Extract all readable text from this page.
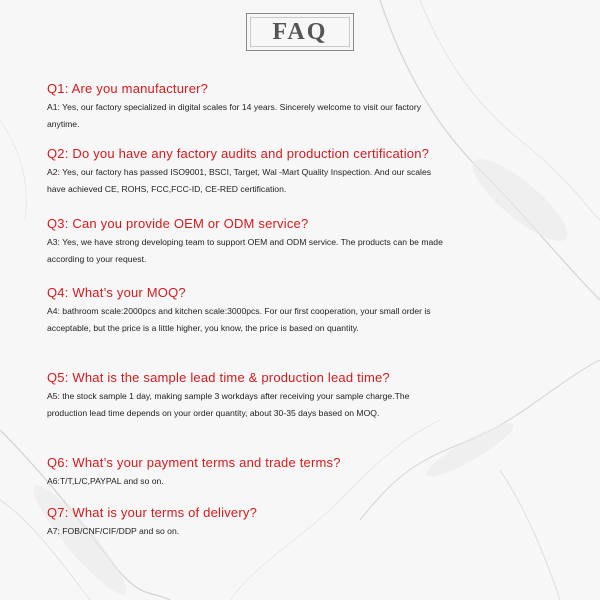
FAQ
Q1: Are you manufacturer?
A1: Yes, our factory specialized in digital scales for 14 years. Sincerely welcome to visit our factory anytime.
Q2: Do you have any factory audits and production certification?
A2: Yes, our factory has passed ISO9001, BSCI, Target, Wal -Mart Quality Inspection. And our scales have achieved CE, ROHS, FCC,FCC-ID, CE-RED certification.
Q3: Can you provide OEM or ODM service?
A3: Yes, we have strong developing team to support OEM and ODM service. The products can be made according to your request.
Q4: What’s your MOQ?
A4: bathroom scale:2000pcs and kitchen scale:3000pcs. For our first cooperation, your small order is acceptable, but the price is a little higher, you know, the price is based on quantity.
Q5: What is the sample lead time & production lead time?
A5: the stock sample 1 day, making sample 3 workdays after receiving your sample charge.The production lead time depends on your order quantity, about 30-35 days based on MOQ.
Q6: What’s your payment terms and trade terms?
A6:T/T,L/C,PAYPAL and so on.
Q7: What is your terms of delivery?
A7: FOB/CNF/CIF/DDP and so on.
